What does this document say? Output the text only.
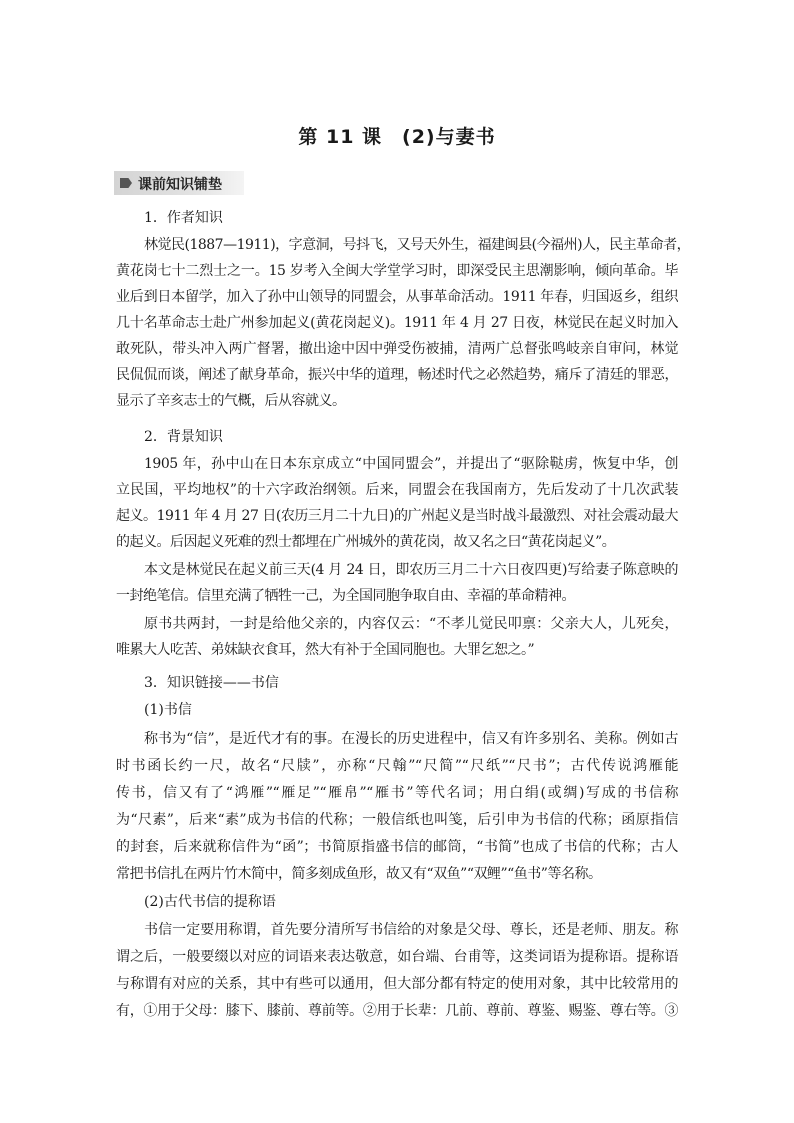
第 11 课　(2)与妻书
课前知识铺垫
1．作者知识
林觉民(1887—1911)，字意洞，号抖飞，又号天外生，福建闽县(今福州)人，民主革命者，
黄花岗七十二烈士之一。15 岁考入全闽大学堂学习时，即深受民主思潮影响，倾向革命。毕
业后到日本留学，加入了孙中山领导的同盟会，从事革命活动。1911 年春，归国返乡，组织
几十名革命志士赴广州参加起义(黄花岗起义)。1911 年 4 月 27 日夜，林觉民在起义时加入
敢死队，带头冲入两广督署，撤出途中因中弹受伤被捕，清两广总督张鸣岐亲自审问，林觉
民侃侃而谈，阐述了献身革命，振兴中华的道理，畅述时代之必然趋势，痛斥了清廷的罪恶，
显示了辛亥志士的气概，后从容就义。
2．背景知识
1905 年，孙中山在日本东京成立“中国同盟会”，并提出了“驱除鞑虏，恢复中华，创
立民国，平均地权”的十六字政治纲领。后来，同盟会在我国南方，先后发动了十几次武装
起义。1911 年 4 月 27 日(农历三月二十九日)的广州起义是当时战斗最激烈、对社会震动最大
的起义。后因起义死难的烈士都埋在广州城外的黄花岗，故又名之曰“黄花岗起义”。
本文是林觉民在起义前三天(4 月 24 日，即农历三月二十六日夜四更)写给妻子陈意映的
一封绝笔信。信里充满了牺牲一己，为全国同胞争取自由、幸福的革命精神。
原书共两封，一封是给他父亲的，内容仅云：“不孝儿觉民叩禀：父亲大人，儿死矣，
唯累大人吃苦、弟妹缺衣食耳，然大有补于全国同胞也。大罪乞恕之。”
3．知识链接——书信
(1)书信
称书为“信”，是近代才有的事。在漫长的历史进程中，信又有许多别名、美称。例如古
时书函长约一尺，故名“尺牍”，亦称“尺翰”“尺简”“尺纸”“尺书”；古代传说鸿雁能
传书，信又有了“鸿雁”“雁足”“雁帛”“雁书”等代名词；用白绢(或绸)写成的书信称
为“尺素”，后来“素”成为书信的代称；一般信纸也叫笺，后引申为书信的代称；函原指信
的封套，后来就称信件为“函”；书简原指盛书信的邮筒，“书简”也成了书信的代称；古人
常把书信扎在两片竹木简中，简多刻成鱼形，故又有“双鱼”“双鲤”“鱼书”等名称。
(2)古代书信的提称语
书信一定要用称谓，首先要分清所写书信给的对象是父母、尊长，还是老师、朋友。称
谓之后，一般要缀以对应的词语来表达敬意，如台端、台甫等，这类词语为提称语。提称语
与称谓有对应的关系，其中有些可以通用，但大部分都有特定的使用对象，其中比较常用的
有，①用于父母：膝下、膝前、尊前等。②用于长辈：几前、尊前、尊鉴、赐鉴、尊右等。③
